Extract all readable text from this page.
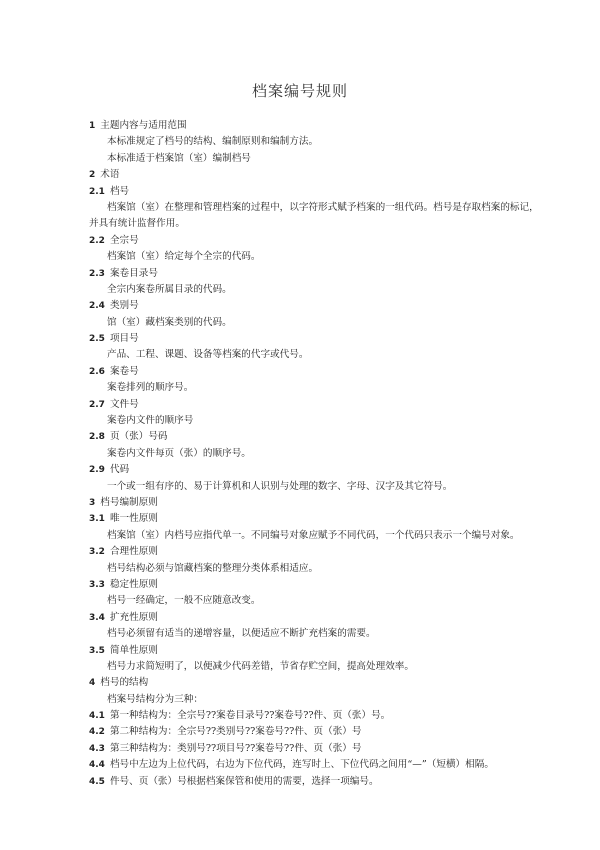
档案编号规则
1 主题内容与适用范围
本标准规定了档号的结构、编制原则和编制方法。
本标准适于档案馆（室）编制档号
2 术语
2.1 档号
档案馆（室）在整理和管理档案的过程中，以字符形式赋予档案的一组代码。档号是存取档案的标记，
并具有统计监督作用。
2.2 全宗号
档案馆（室）给定每个全宗的代码。
2.3 案卷目录号
全宗内案卷所属目录的代码。
2.4 类别号
馆（室）藏档案类别的代码。
2.5 项目号
产品、工程、课题、设备等档案的代字或代号。
2.6 案卷号
案卷排列的顺序号。
2.7 文件号
案卷内文件的顺序号
2.8 页（张）号码
案卷内文件每页（张）的顺序号。
2.9 代码
一个或一组有序的、易于计算机和人识别与处理的数字、字母、汉字及其它符号。
3 档号编制原则
3.1 唯一性原则
档案馆（室）内档号应指代单一。不同编号对象应赋予不同代码，一个代码只表示一个编号对象。
3.2 合理性原则
档号结构必须与馆藏档案的整理分类体系相适应。
3.3 稳定性原则
档号一经确定，一般不应随意改变。
3.4 扩充性原则
档号必须留有适当的递增容量，以便适应不断扩充档案的需要。
3.5 简单性原则
档号力求简短明了，以便减少代码差错，节省存贮空间，提高处理效率。
4 档号的结构
档案号结构分为三种：
4.1 第一种结构为：全宗号??案卷目录号??案卷号??件、页（张）号。
4.2 第二种结构为：全宗号??类别号??案卷号??件、页（张）号
4.3 第三种结构为：类别号??项目号??案卷号??件、页（张）号
4.4 档号中左边为上位代码，右边为下位代码，连写时上、下位代码之间用“—”（短横）相隔。
4.5 件号、页（张）号根据档案保管和使用的需要，选择一项编号。
